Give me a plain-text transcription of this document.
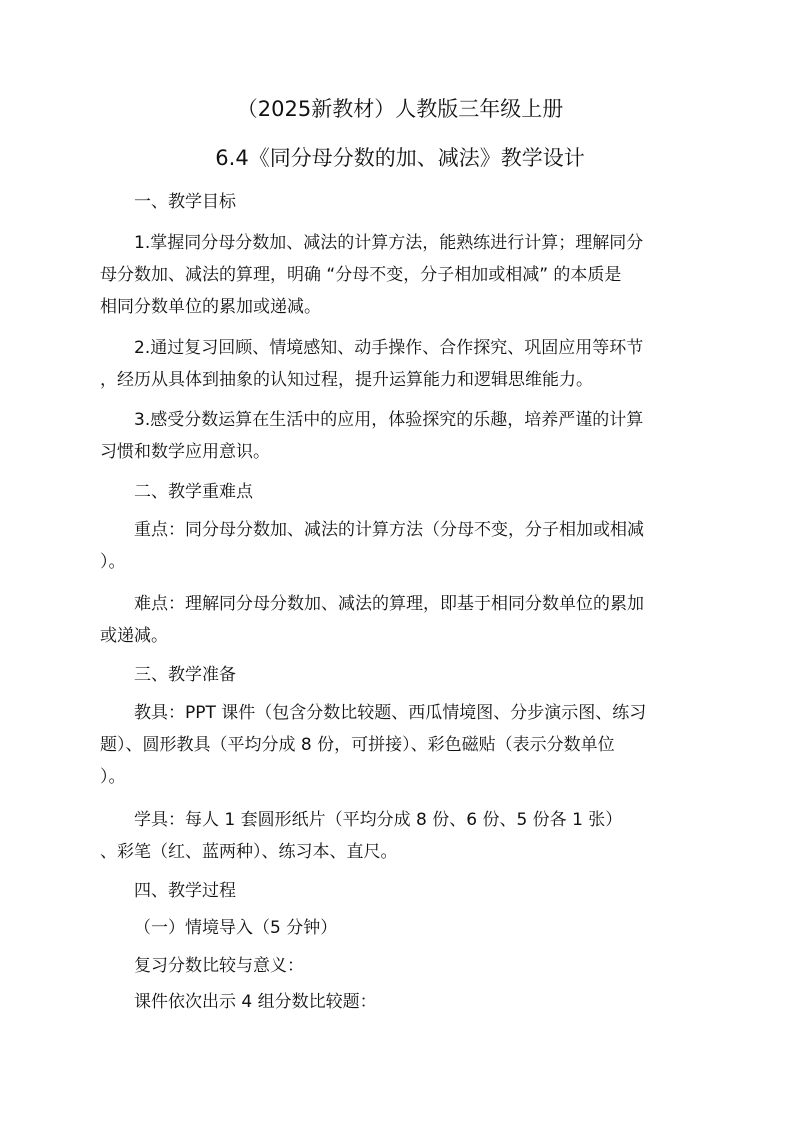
（2025新教材）人教版三年级上册
6.4《同分母分数的加、减法》教学设计
一、教学目标
1.掌握同分母分数加、减法的计算方法，能熟练进行计算；理解同分
母分数加、减法的算理，明确 “分母不变，分子相加或相减” 的本质是
相同分数单位的累加或递减。
2.通过复习回顾、情境感知、动手操作、合作探究、巩固应用等环节
，经历从具体到抽象的认知过程，提升运算能力和逻辑思维能力。
3.感受分数运算在生活中的应用，体验探究的乐趣，培养严谨的计算
习惯和数学应用意识。
二、教学重难点
重点：同分母分数加、减法的计算方法（分母不变，分子相加或相减
）。
难点：理解同分母分数加、减法的算理，即基于相同分数单位的累加
或递减。
三、教学准备
教具：PPT 课件（包含分数比较题、西瓜情境图、分步演示图、练习
题）、圆形教具（平均分成 8 份，可拼接）、彩色磁贴（表示分数单位
）。
学具：每人 1 套圆形纸片（平均分成 8 份、6 份、5 份各 1 张）
、彩笔（红、蓝两种）、练习本、直尺。
四、教学过程
（一）情境导入（5 分钟）
复习分数比较与意义：
课件依次出示 4 组分数比较题：
